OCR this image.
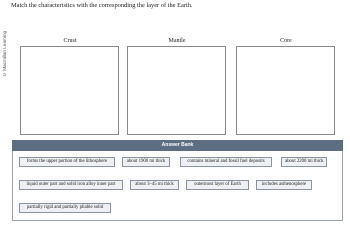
© Macmillan Learning
Match the characteristics with the corresponding the layer of the Earth.
Crust	Mantle	Core
Answer Bank
forms the upper portion of the lithosphere	about 1900 mi thick	contains mineral and fossil fuel deposits	about 2200 mi thick
liquid outer part and solid iron alloy inner part	about 3–45 mi thick	outermost layer of Earth	includes asthenosphere
partially rigid and partially pliable solid
